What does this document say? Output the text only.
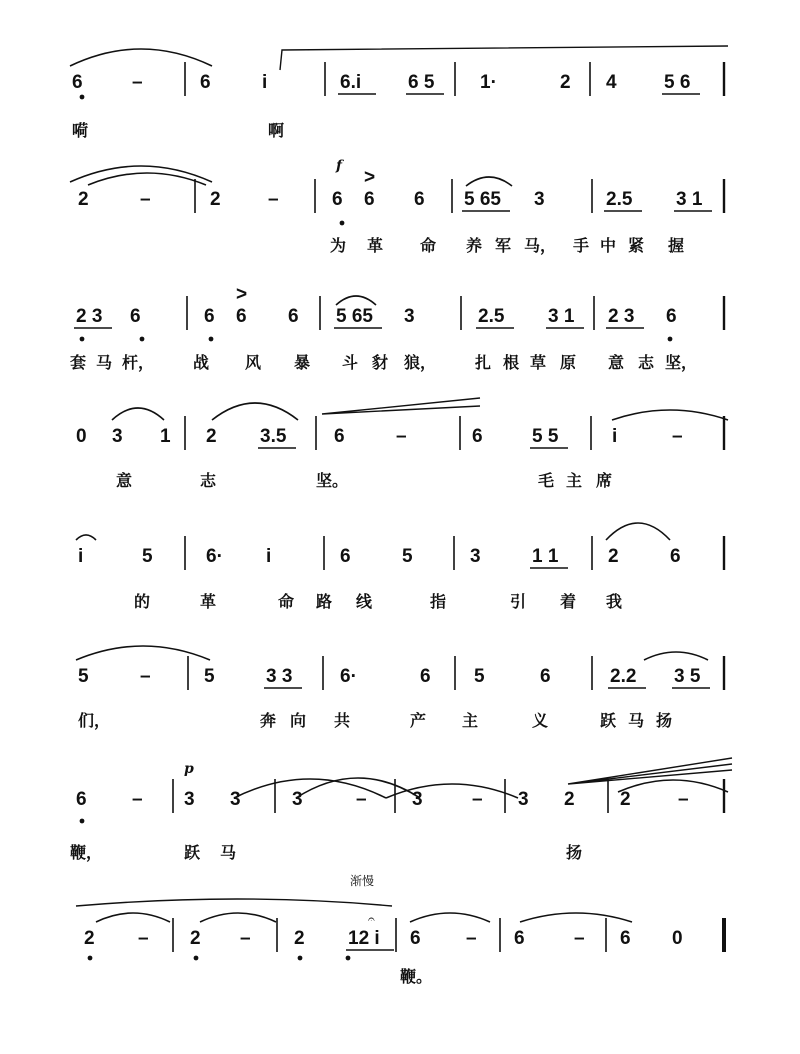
6	–	6	i	6.i 6 5 1·	2 4 5 6
嗬	啊
2	–	2 –	6 6 6 5 65 3	2.5 3 1
为 革 命 养 军 马， 手 中 紧 握
f
>
2 3 6	6 6 6 5 65 3	2.5 3 1 2 3 6
套 马 杆， 战 风 暴 斗 豺 狼， 扎 根 草 原 意 志 坚，
>
0 3 1 2 3.5	6	–	6	5 5	i	–
意	志	坚。	毛 主 席
i	5	6· i	6	5	3	1 1	2	6
的	革	命 路 线	指	引 着 我
5	–	5	3 3	6·	6 5	6	2.2 3 5
们，	奔 向 共	产 主	义	跃 马 扬
6 – 3 3	3	– 3	– 3 2 2 –
鞭，	跃 马	扬
p
2 – 2 – 2 12 i 6 – 6	– 6 0
鞭。
渐慢
𝄐
